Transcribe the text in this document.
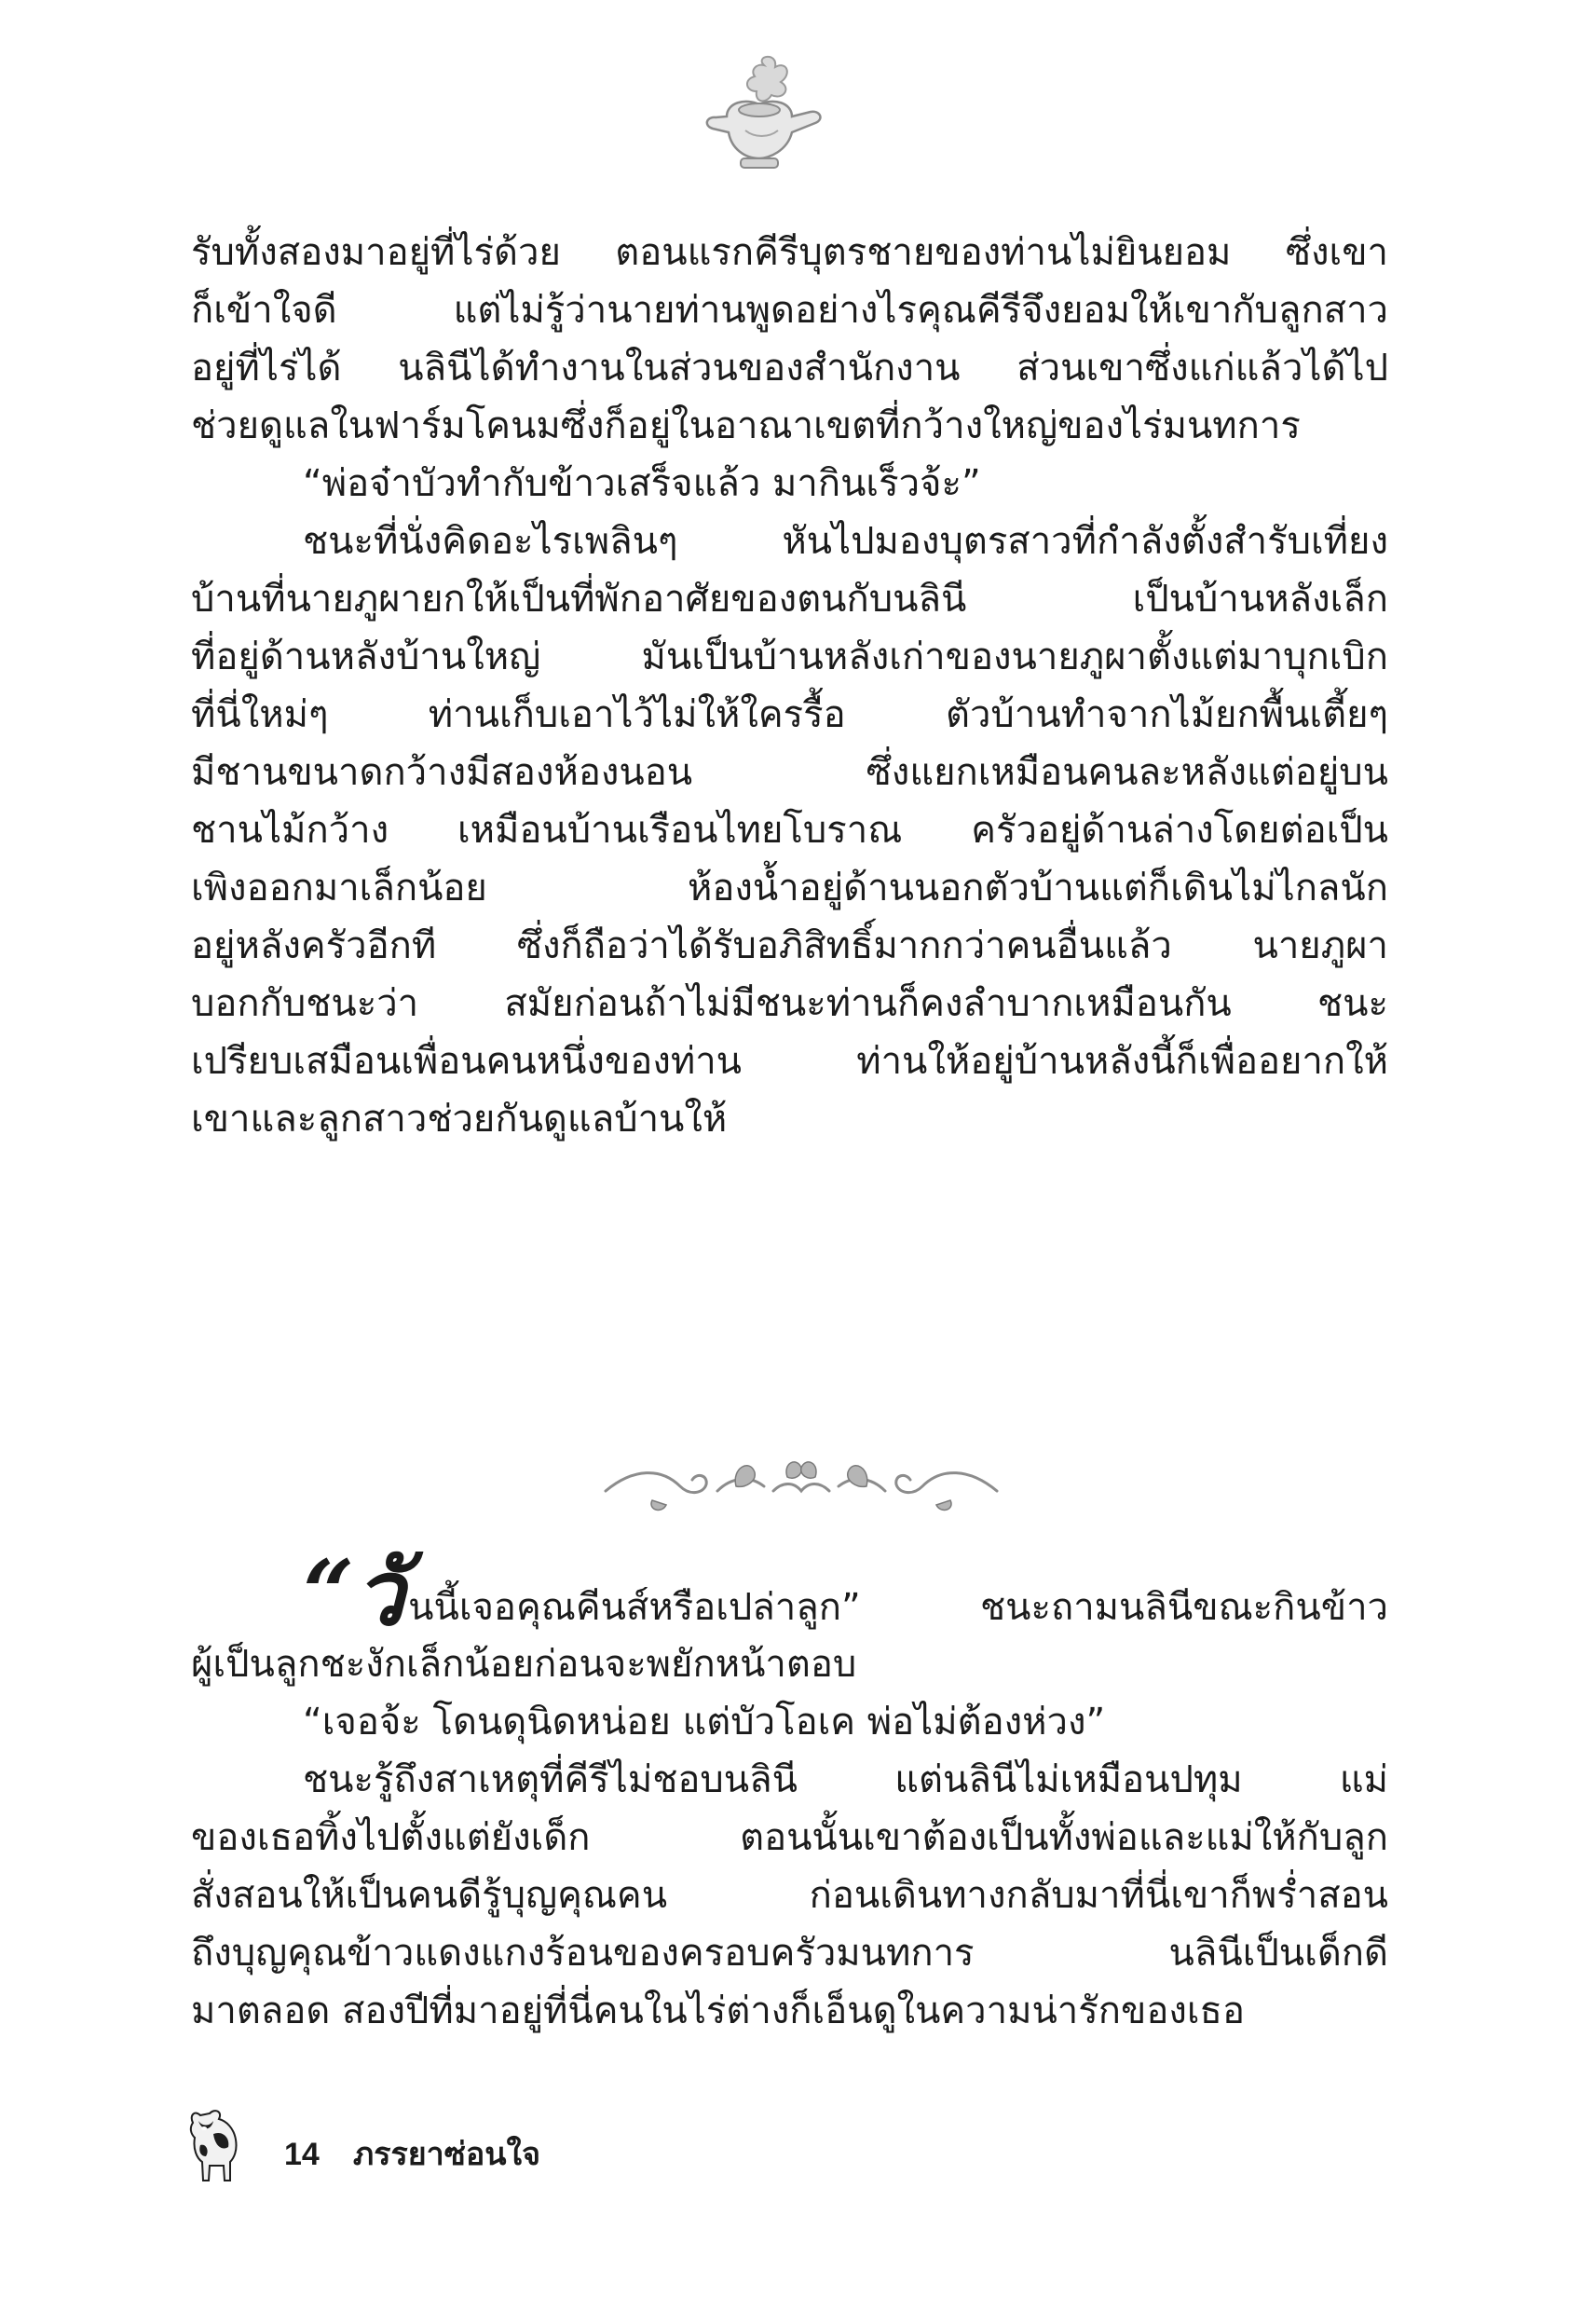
รับทั้งสองมาอยู่ที่ไร่ด้วย ตอนแรกคีรีบุตรชายของท่านไม่ยินยอม ซึ่งเขา
ก็เข้าใจดี แต่ไม่รู้ว่านายท่านพูดอย่างไรคุณคีรีจึงยอมให้เขากับลูกสาว
อยู่ที่ไร่ได้ นลินีได้ทำงานในส่วนของสำนักงาน ส่วนเขาซึ่งแก่แล้วได้ไป
ช่วยดูแลในฟาร์มโคนมซึ่งก็อยู่ในอาณาเขตที่กว้างใหญ่ของไร่มนทการ
“พ่อจ๋าบัวทำกับข้าวเสร็จแล้ว มากินเร็วจ้ะ”
ชนะที่นั่งคิดอะไรเพลินๆ หันไปมองบุตรสาวที่กำลังตั้งสำรับเที่ยง
บ้านที่นายภูผายกให้เป็นที่พักอาศัยของตนกับนลินี เป็นบ้านหลังเล็ก
ที่อยู่ด้านหลังบ้านใหญ่ มันเป็นบ้านหลังเก่าของนายภูผาตั้งแต่มาบุกเบิก
ที่นี่ใหม่ๆ ท่านเก็บเอาไว้ไม่ให้ใครรื้อ ตัวบ้านทำจากไม้ยกพื้นเตี้ยๆ
มีชานขนาดกว้างมีสองห้องนอน ซึ่งแยกเหมือนคนละหลังแต่อยู่บน
ชานไม้กว้าง เหมือนบ้านเรือนไทยโบราณ ครัวอยู่ด้านล่างโดยต่อเป็น
เพิงออกมาเล็กน้อย ห้องน้ำอยู่ด้านนอกตัวบ้านแต่ก็เดินไม่ไกลนัก
อยู่หลังครัวอีกที ซึ่งก็ถือว่าได้รับอภิสิทธิ์มากกว่าคนอื่นแล้ว นายภูผา
บอกกับชนะว่า สมัยก่อนถ้าไม่มีชนะท่านก็คงลำบากเหมือนกัน ชนะ
เปรียบเสมือนเพื่อนคนหนึ่งของท่าน ท่านให้อยู่บ้านหลังนี้ก็เพื่ออยากให้
เขาและลูกสาวช่วยกันดูแลบ้านให้
“วั นนี้เจอคุณคีนส์หรือเปล่าลูก” ชนะถามนลินีขณะกินข้าว
ผู้เป็นลูกชะงักเล็กน้อยก่อนจะพยักหน้าตอบ
“เจอจ้ะ โดนดุนิดหน่อย แต่บัวโอเค พ่อไม่ต้องห่วง”
ชนะรู้ถึงสาเหตุที่คีรีไม่ชอบนลินี แต่นลินีไม่เหมือนปทุม แม่
ของเธอทิ้งไปตั้งแต่ยังเด็ก ตอนนั้นเขาต้องเป็นทั้งพ่อและแม่ให้กับลูก
สั่งสอนให้เป็นคนดีรู้บุญคุณคน ก่อนเดินทางกลับมาที่นี่เขาก็พร่ำสอน
ถึงบุญคุณข้าวแดงแกงร้อนของครอบครัวมนทการ นลินีเป็นเด็กดี
มาตลอด สองปีที่มาอยู่ที่นี่คนในไร่ต่างก็เอ็นดูในความน่ารักของเธอ
14 ภรรยาซ่อนใจ
